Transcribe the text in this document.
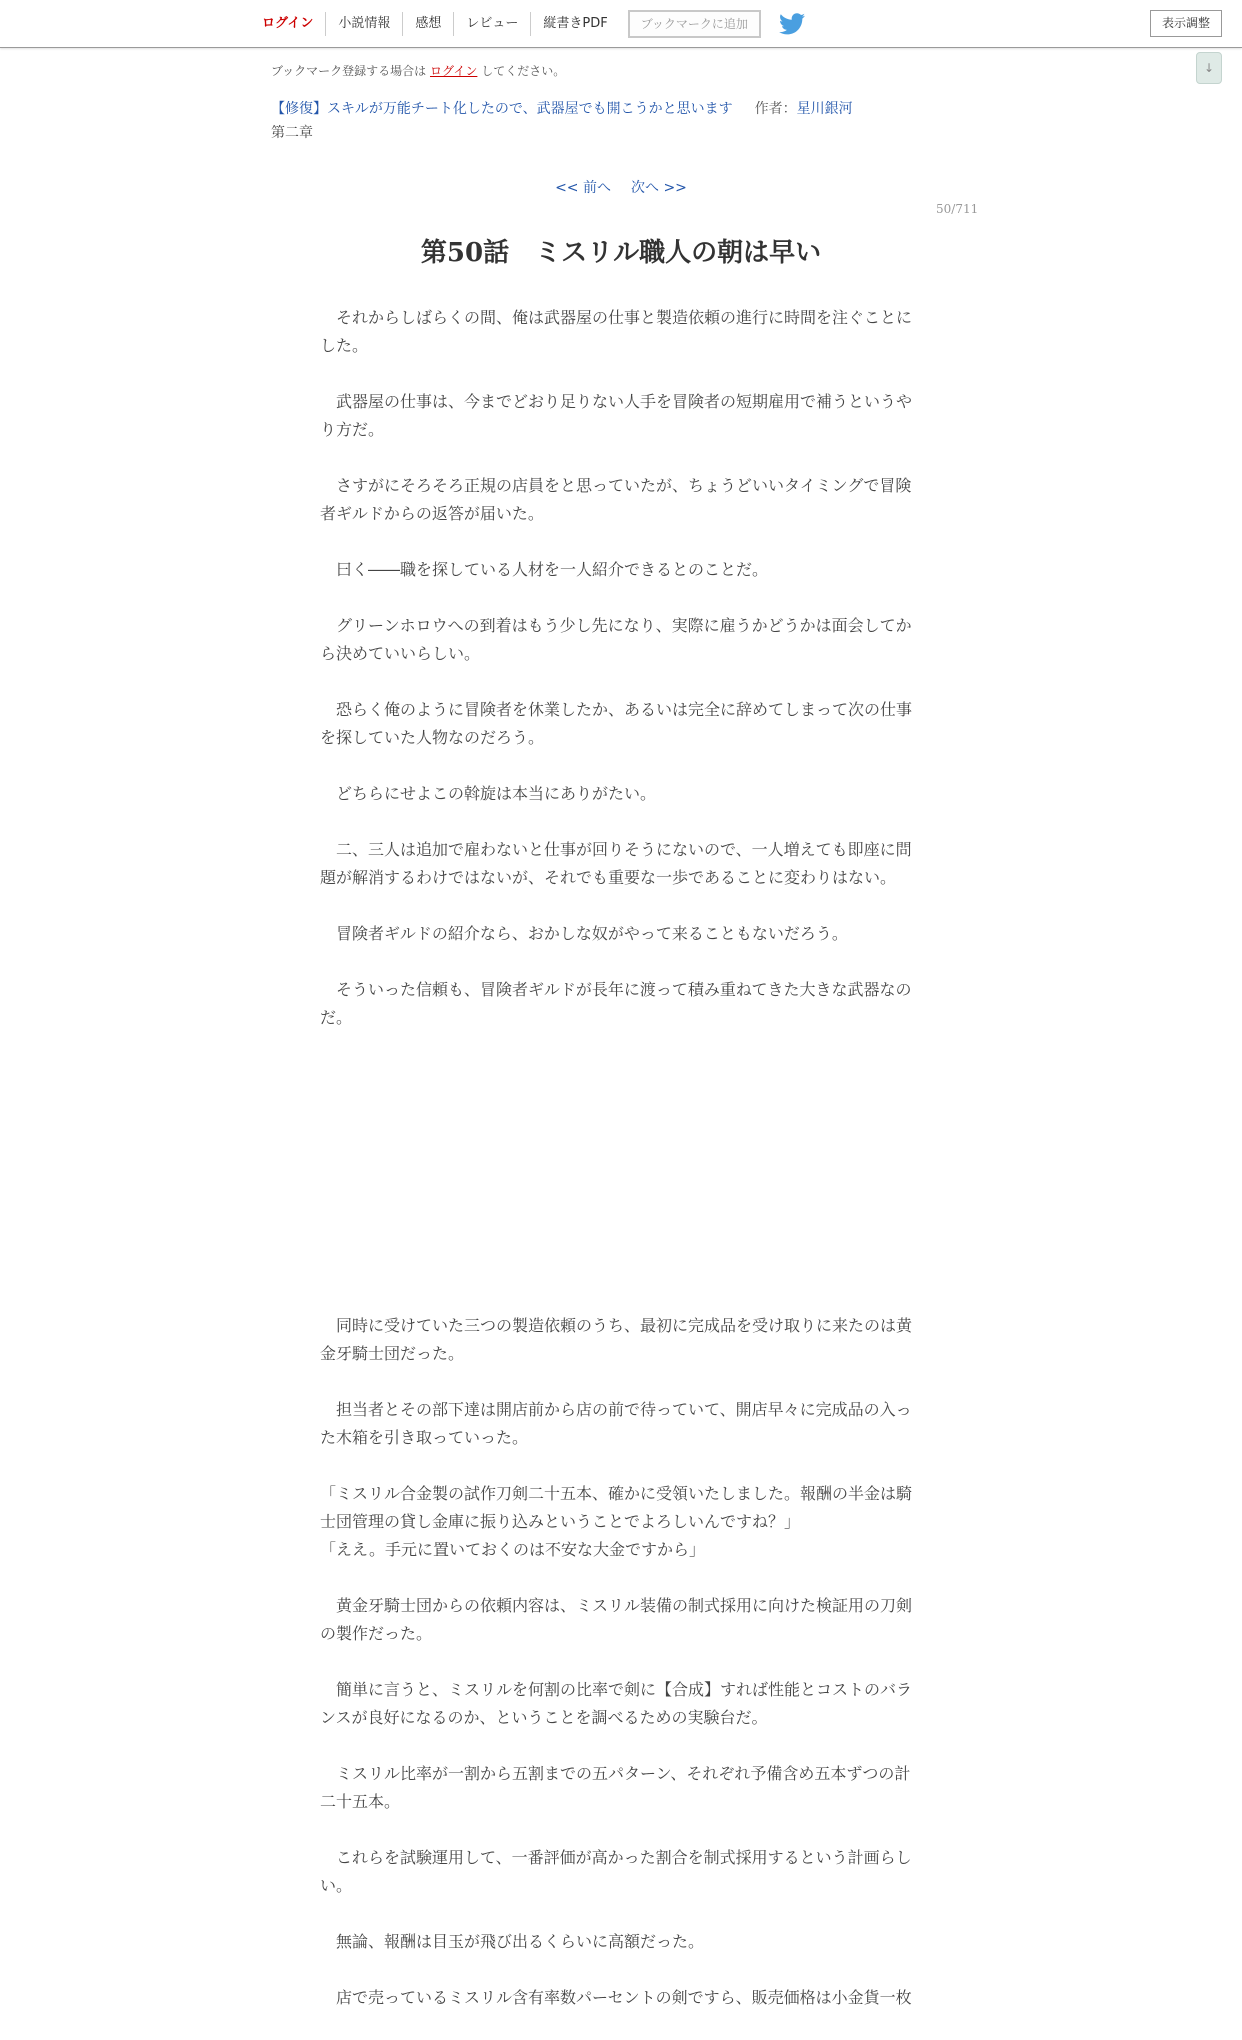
ログイン	小説情報	感想	レビュー	縦書きPDF	ブックマークに追加	表示調整
↓
ブックマーク登録する場合は ログイン してください。
【修復】スキルが万能チート化したので、武器屋でも開こうかと思います 作者：星川銀河
第二章
<< 前へ 次へ >>
50/711
第50話　ミスリル職人の朝は早い

それからしばらくの間、俺は武器屋の仕事と製造依頼の進行に時間を注ぐことにした。

武器屋の仕事は、今までどおり足りない人手を冒険者の短期雇用で補うというやり方だ。

さすがにそろそろ正規の店員をと思っていたが、ちょうどいいタイミングで冒険者ギルドからの返答が届いた。

曰く――職を探している人材を一人紹介できるとのことだ。

グリーンホロウへの到着はもう少し先になり、実際に雇うかどうかは面会してから決めていいらしい。

恐らく俺のように冒険者を休業したか、あるいは完全に辞めてしまって次の仕事を探していた人物なのだろう。

どちらにせよこの斡旋は本当にありがたい。

二、三人は追加で雇わないと仕事が回りそうにないので、一人増えても即座に問題が解消するわけではないが、それでも重要な一歩であることに変わりはない。

冒険者ギルドの紹介なら、おかしな奴がやって来ることもないだろう。

そういった信頼も、冒険者ギルドが長年に渡って積み重ねてきた大きな武器なのだ。

同時に受けていた三つの製造依頼のうち、最初に完成品を受け取りに来たのは黄金牙騎士団だった。

担当者とその部下達は開店前から店の前で待っていて、開店早々に完成品の入った木箱を引き取っていった。

「ミスリル合金製の試作刀剣二十五本、確かに受領いたしました。報酬の半金は騎士団管理の貸し金庫に振り込みということでよろしいんですね？」

「ええ。手元に置いておくのは不安な大金ですから」

黄金牙騎士団からの依頼内容は、ミスリル装備の制式採用に向けた検証用の刀剣の製作だった。

簡単に言うと、ミスリルを何割の比率で剣に【合成】すれば性能とコストのバランスが良好になるのか、ということを調べるための実験台だ。

ミスリル比率が一割から五割までの五パターン、それぞれ予備含め五本ずつの計二十五本。

これらを試験運用して、一番評価が高かった割合を制式採用するという計画らしい。

無論、報酬は目玉が飛び出るくらいに高額だった。

店で売っているミスリル含有率数パーセントの剣ですら、販売価格は小金貨一枚
